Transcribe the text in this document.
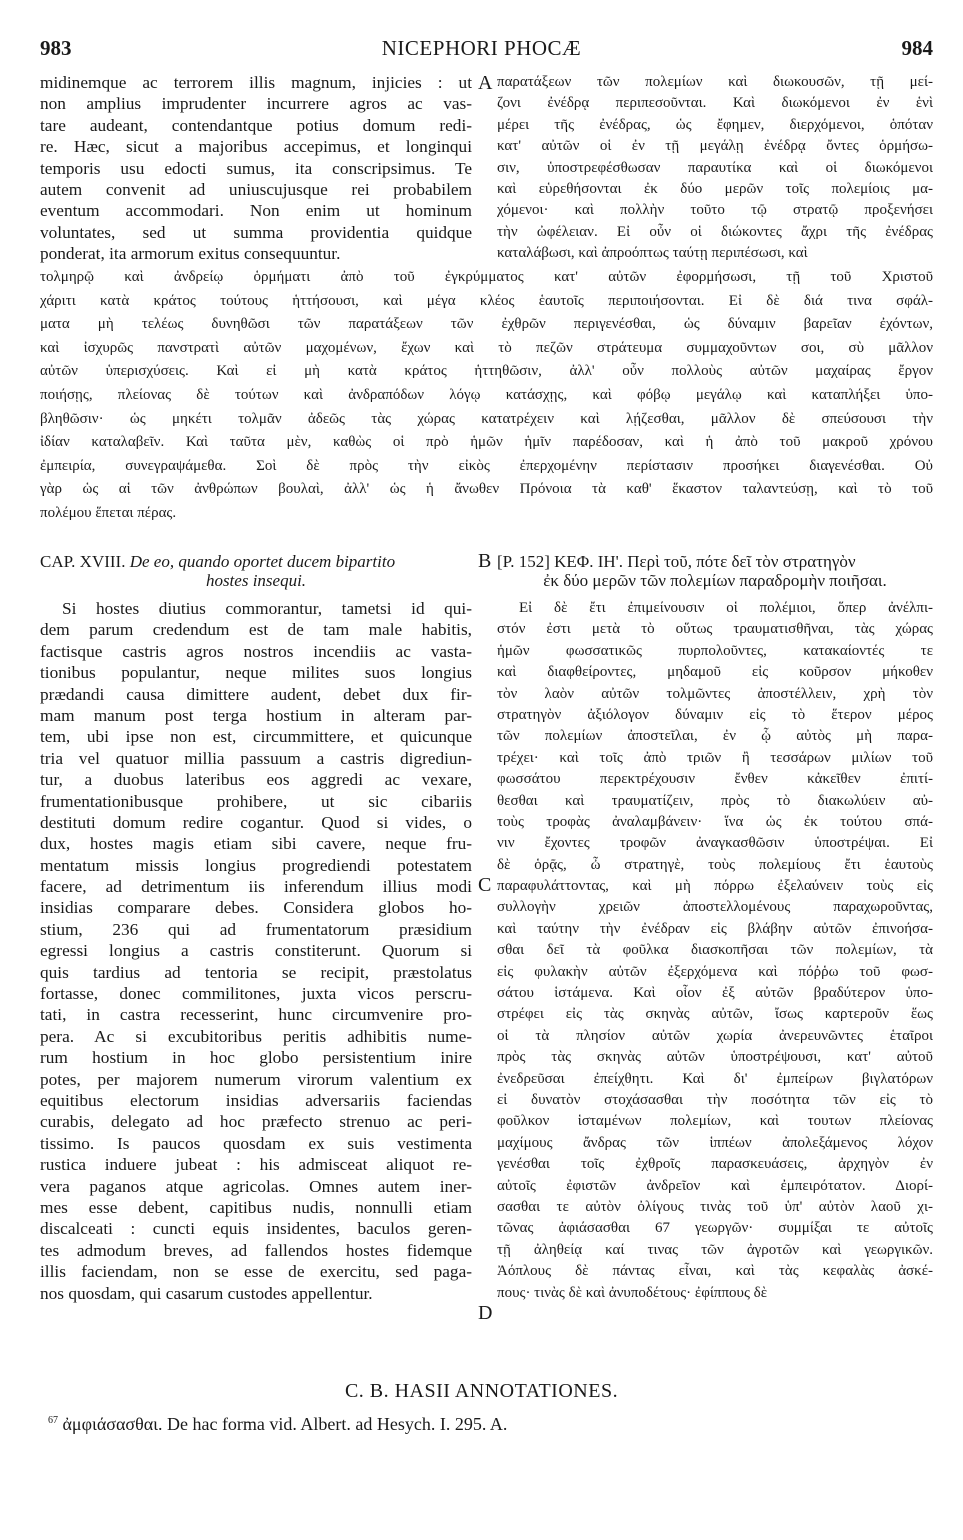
983	NICEPHORI PHOCÆ	984
midinemque ac terrorem illis magnum, injicies : ut
non amplius imprudenter incurrere agros ac vas-
tare audeant, contendantque potius domum redi-
re. Hæc, sicut a majoribus accepimus, et longinqui
temporis usu edocti sumus, ita conscripsimus. Te
autem convenit ad uniuscujusque rei probabilem
eventum accommodari. Non enim ut hominum
voluntates, sed ut summa providentia quidque
ponderat, ita armorum exitus consequuntur.
παρατάξεων τῶν πολεμίων καὶ διωκουσῶν, τῇ μεί-
ζονι ἐνέδρᾳ περιπεσοῦνται. Καὶ διωκόμενοι ἐν ἑνὶ
μέρει τῆς ἐνέδρας, ὡς ἔφημεν, διερχόμενοι, ὁπόταν
κατ' αὐτῶν οἱ ἐν τῇ μεγάλῃ ἐνέδρᾳ ὄντες ὁρμήσω-
σιν, ὑποστρεφέσθωσαν παραυτίκα καὶ οἱ διωκόμενοι
καὶ εὑρεθήσονται ἐκ δύο μερῶν τοῖς πολεμίοις μα-
χόμενοι· καὶ πολλὴν τοῦτο τῷ στρατῷ προξενήσει
τὴν ὠφέλειαν. Εἰ οὖν οἱ διώκοντες ἄχρι τῆς ἐνέδρας
καταλάβωσι, καὶ ἀπροόπτως ταύτῃ περιπέσωσι, καὶ
A
τολμηρῷ καὶ ἀνδρείῳ ὁρμήματι ἀπὸ τοῦ ἐγκρύμματος κατ' αὐτῶν ἐφορμήσωσι, τῇ τοῦ Χριστοῦ
χάριτι κατὰ κράτος τούτους ἡττήσουσι, καὶ μέγα κλέος ἑαυτοῖς περιποιήσονται. Εἰ δὲ διά τινα σφάλ-
ματα μὴ τελέως δυνηθῶσι τῶν παρατάξεων τῶν ἐχθρῶν περιγενέσθαι, ὡς δύναμιν βαρεῖαν ἐχόντων,
καὶ ἰσχυρῶς πανστρατὶ αὐτῶν μαχομένων, ἔχων καὶ τὸ πεζῶν στράτευμα συμμαχοῦντων σοι, σὺ μᾶλλον
αὐτῶν ὑπερισχύσεις. Καὶ εἰ μὴ κατὰ κράτος ἡττηθῶσιν, ἀλλ' οὖν πολλοὺς αὐτῶν μαχαίρας ἔργον
ποιήσῃς, πλείονας δὲ τούτων καὶ ἀνδραπόδων λόγῳ κατάσχῃς, καὶ φόβῳ μεγάλῳ καὶ καταπλήξει ὑπο-
βληθῶσιν· ὡς μηκέτι τολμᾶν ἀδεῶς τὰς χώρας κατατρέχειν καὶ λῄζεσθαι, μᾶλλον δὲ σπεύσουσι τὴν
ἰδίαν καταλαβεῖν. Καὶ ταῦτα μὲν, καθὼς οἱ πρὸ ἡμῶν ἡμῖν παρέδοσαν, καὶ ἡ ἀπὸ τοῦ μακροῦ χρόνου
ἐμπειρία, συνεγραψάμεθα. Σοὶ δὲ πρὸς τὴν εἰκὸς ἐπερχομένην περίστασιν προσήκει διαγενέσθαι. Οὐ
γὰρ ὡς αἱ τῶν ἀνθρώπων βουλαὶ, ἀλλ' ὡς ἡ ἄνωθεν Πρόνοια τὰ καθ' ἕκαστον ταλαντεύσῃ, καὶ τὸ τοῦ
πολέμου ἕπεται πέρας.
CAP. XVIII. De eo, quando oportet ducem bipartito
hostes insequi.
B [P. 152] ΚΕΦ. ΙΗ'. Περὶ τοῦ, πότε δεῖ τὸν στρατηγὸν
ἐκ δύο μερῶν τῶν πολεμίων παραδρομὴν ποιῆσαι.
Si hostes diutius commorantur, tametsi id qui-
dem parum credendum est de tam male habitis,
factisque castris agros nostros incendiis ac vasta-
tionibus populantur, neque milites suos longius
prædandi causa dimittere audent, debet dux fir-
mam manum post terga hostium in alteram par-
tem, ubi ipse non est, circummittere, et quicunque
tria vel quatuor millia passuum a castris digrediun-
tur, a duobus lateribus eos aggredi ac vexare,
frumentationibusque prohibere, ut sic cibariis
destituti domum redire cogantur. Quod si vides, o
dux, hostes magis etiam sibi cavere, neque fru-
mentatum missis longius progrediendi potestatem
facere, ad detrimentum iis inferendum illius modi
insidias comparare debes. Considera globos ho-
stium, 236 qui ad frumentatorum præsidium
egressi longius a castris constiterunt. Quorum si
quis tardius ad tentoria se recipit, præstolatus
fortasse, donec commilitones, juxta vicos perscru-
tati, in castra recesserint, hunc circumvenire pro-
pera. Ac si excubitoribus peritis adhibitis nume-
rum hostium in hoc globo persistentium inire
potes, per majorem numerum virorum valentium ex
equitibus electorum insidias adversariis faciendas
curabis, delegato ad hoc præfecto strenuo ac peri-
tissimo. Is paucos quosdam ex suis vestimenta
rustica induere jubeat : his admisceat aliquot re-
vera paganos atque agricolas. Omnes autem iner-
mes esse debent, capitibus nudis, nonnulli etiam
discalceati : cuncti equis insidentes, baculos geren-
tes admodum breves, ad fallendos hostes fidemque
illis faciendam, non se esse de exercitu, sed paga-
nos quosdam, qui casarum custodes appellentur.
Εἰ δὲ ἔτι ἐπιμείνουσιν οἱ πολέμιοι, ὅπερ ἀνέλπι-
στόν ἐστι μετὰ τὸ οὕτως τραυματισθῆναι, τὰς χώρας
ἡμῶν φωσσατικῶς πυρπολοῦντες, κατακαίοντές τε
καὶ διαφθείροντες, μηδαμοῦ εἰς κοῦρσον μήκοθεν
τὸν λαὸν αὐτῶν τολμῶντες ἀποστέλλειν, χρὴ τὸν
στρατηγὸν ἀξιόλογον δύναμιν εἰς τὸ ἕτερον μέρος
τῶν πολεμίων ἀποστεῖλαι, ἐν ᾧ αὐτὸς μὴ παρα-
τρέχει· καὶ τοῖς ἀπὸ τριῶν ἢ τεσσάρων μιλίων τοῦ
φωσσάτου περεκτρέχουσιν ἔνθεν κἀκεῖθεν ἐπιτί-
θεσθαι καὶ τραυματίζειν, πρὸς τὸ διακωλύειν αὐ-
τοὺς τροφὰς ἀναλαμβάνειν· ἵνα ὡς ἐκ τούτου σπά-
νιν ἔχοντες τροφῶν ἀναγκασθῶσιν ὑποστρέψαι. Εἰ
δὲ ὁρᾷς, ὦ στρατηγὲ, τοὺς πολεμίους ἔτι ἑαυτοὺς
παραφυλάττοντας, καὶ μὴ πόρρω ἐξελαύνειν τοὺς εἰς
συλλογὴν χρειῶν ἀποστελλομένους παραχωροῦντας,
καὶ ταύτην τὴν ἐνέδραν εἰς βλάβην αὐτῶν ἐπινοήσα-
σθαι δεῖ τὰ φοῦλκα διασκοπῆσαι τῶν πολεμίων, τὰ
εἰς φυλακὴν αὐτῶν ἐξερχόμενα καὶ πόῤῥω τοῦ φωσ-
σάτου ἱστάμενα. Καὶ οἷον ἐξ αὐτῶν βραδύτερον ὑπο-
στρέφει εἰς τὰς σκηνὰς αὐτῶν, ἴσως καρτεροῦν ἕως
οἱ τὰ πλησίον αὐτῶν χωρία ἀνερευνῶντες ἑταῖροι
πρὸς τὰς σκηνὰς αὐτῶν ὑποστρέψουσι, κατ' αὐτοῦ
ἐνεδρεῦσαι ἐπείχθητι. Καὶ δι' ἐμπείρων βιγλατόρων
εἰ δυνατὸν στοχάσασθαι τὴν ποσότητα τῶν εἰς τὸ
φοῦλκον ἱσταμένων πολεμίων, καὶ τουτων πλείονας
μαχίμους ἄνδρας τῶν ἱππέων ἀπολεξάμενος λόχον
γενέσθαι τοῖς ἐχθροῖς παρασκευάσεις, ἀρχηγὸν ἐν
αὐτοῖς ἐφιστῶν ἀνδρεῖον καὶ ἐμπειρότατον. Διορί-
σασθαι τε αὐτὸν ὀλίγους τινὰς τοῦ ὑπ' αὐτὸν λαοῦ χι-
τῶνας ἀφιάσασθαι 67 γεωργῶν· συμμίξαι τε αὐτοῖς
τῇ ἀληθείᾳ καί τινας τῶν ἀγροτῶν καὶ γεωργικῶν.
Ἀόπλους δὲ πάντας εἶναι, καὶ τὰς κεφαλὰς ἀσκέ-
πους· τινὰς δὲ καὶ ἀνυποδέτους· ἐφίππους δὲ
C
D
C. B. HASII ANNOTATIONES.
$^{67}$ ἀμφιάσασθαι. De hac forma vid. Albert. ad Hesych. I. 295. A.
